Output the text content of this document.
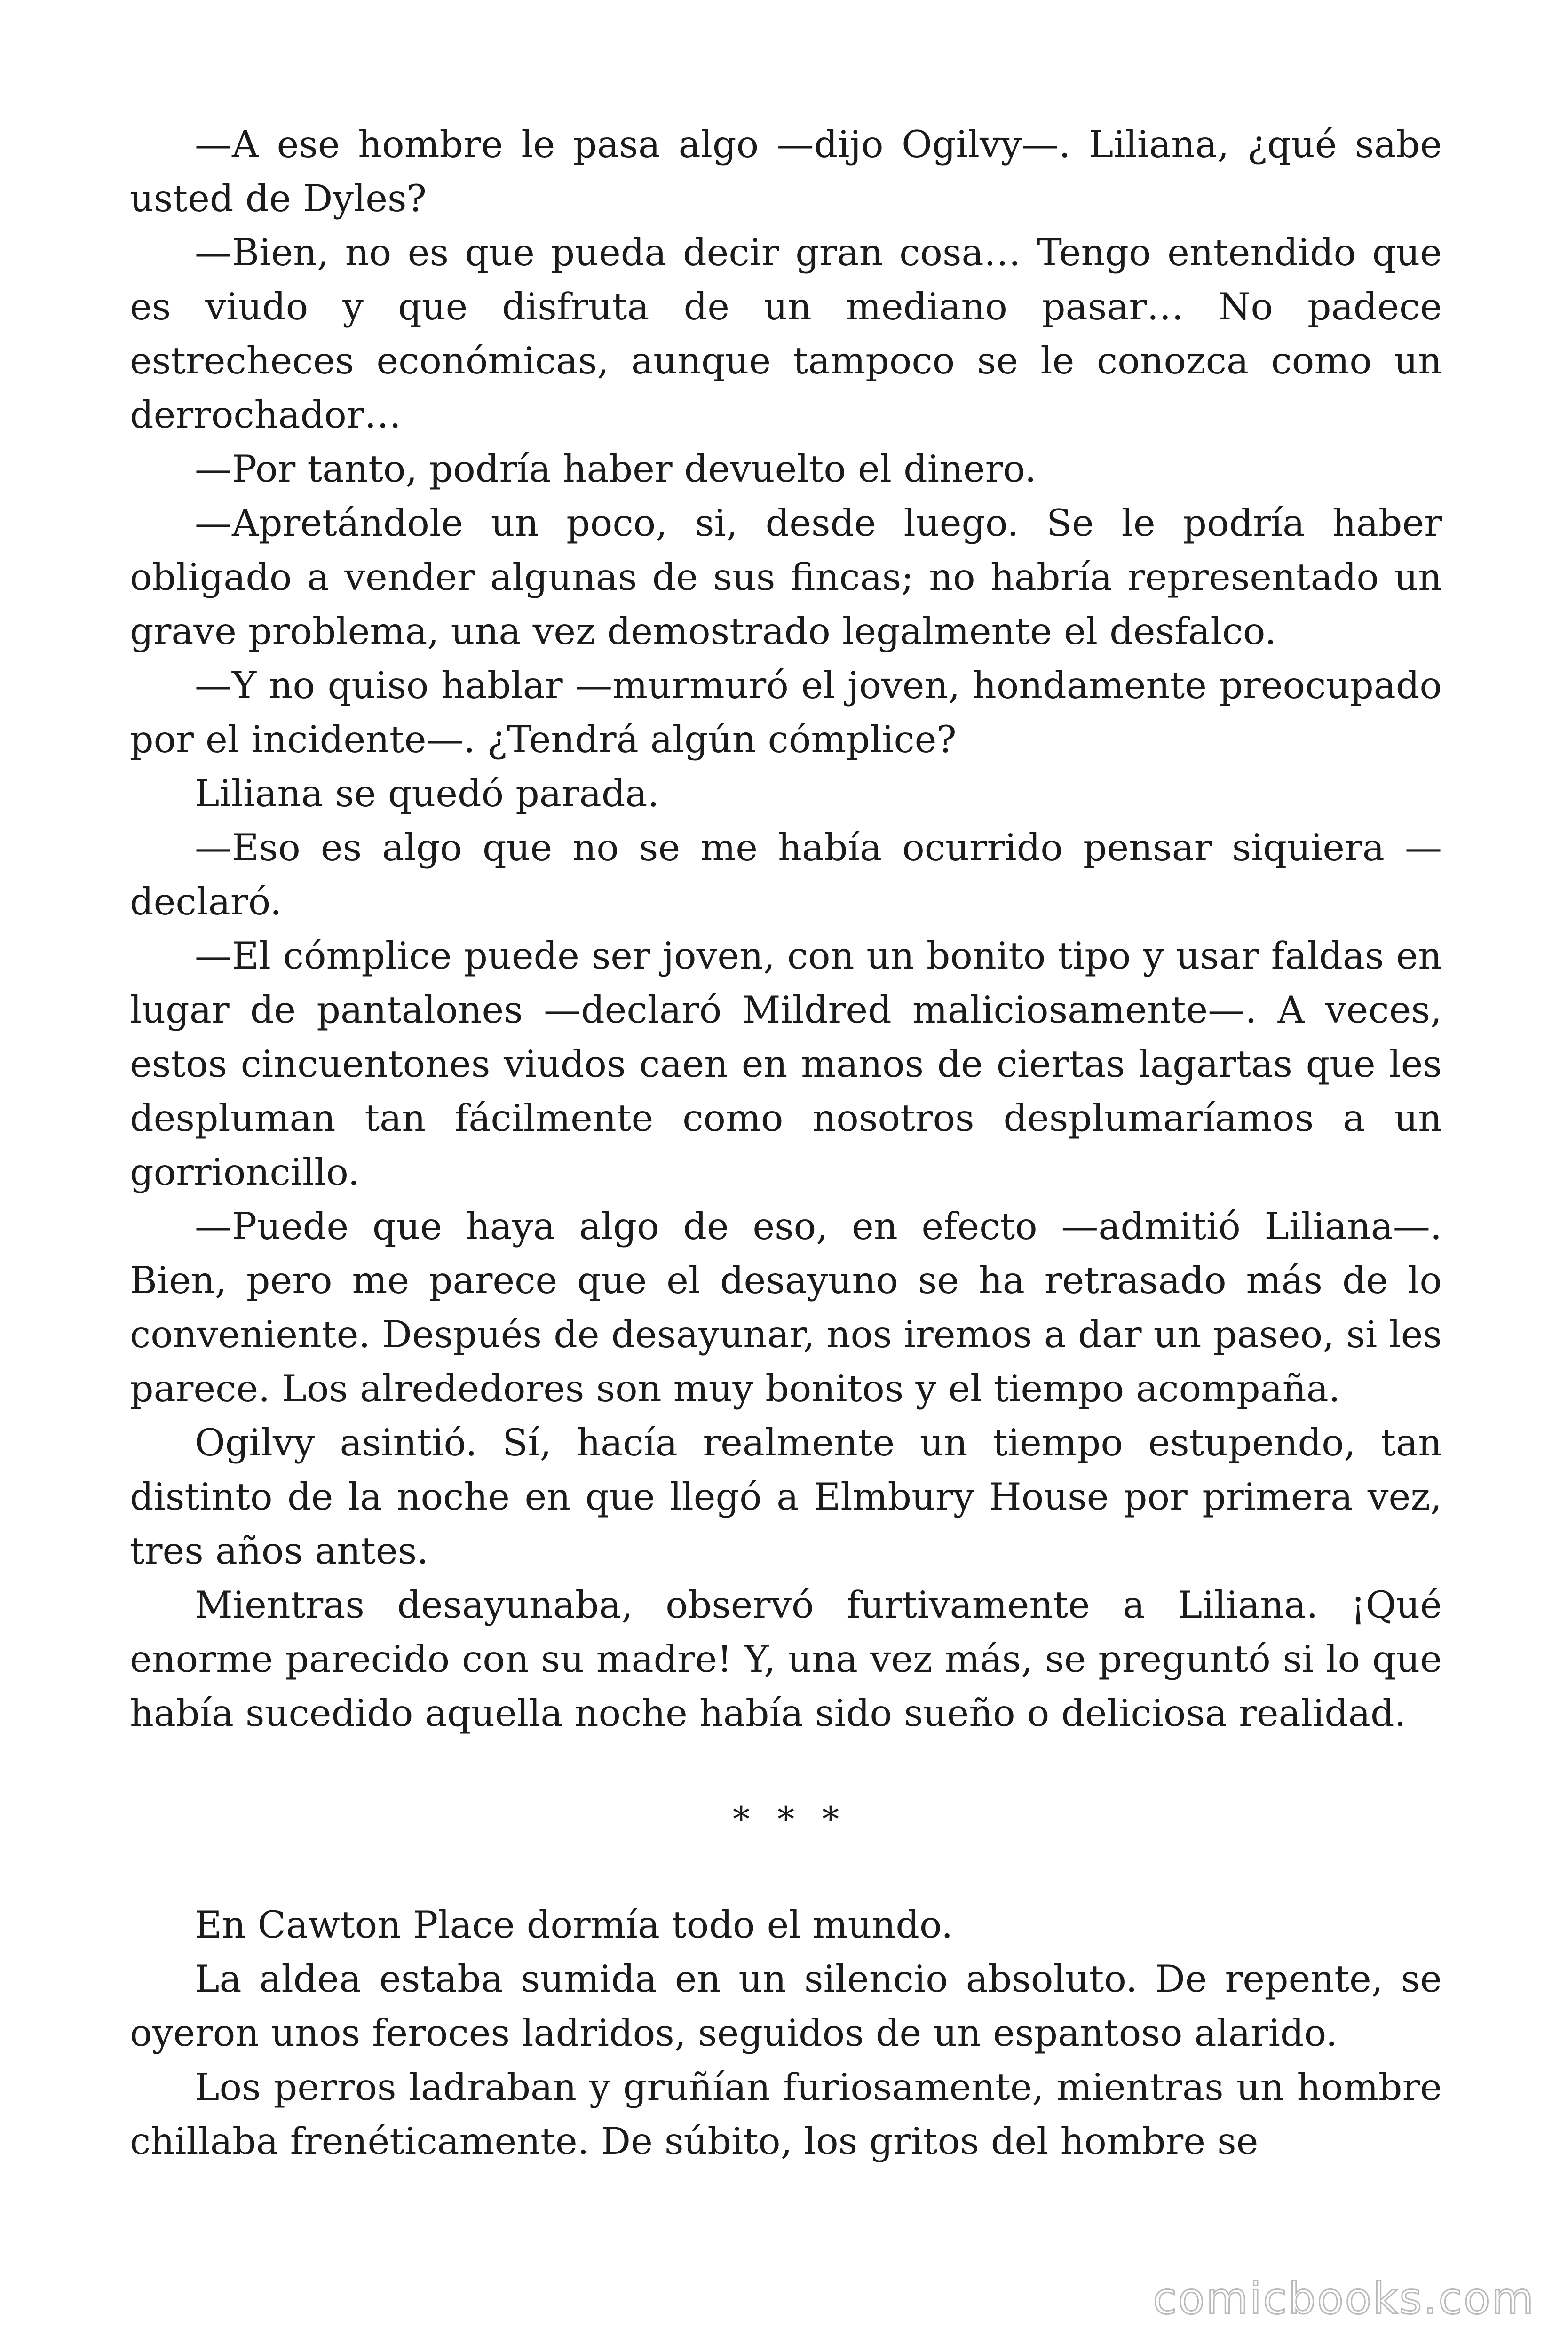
—A ese hombre le pasa algo —dijo Ogilvy—. Liliana, ¿qué sabe usted de Dyles?

—Bien, no es que pueda decir gran cosa… Tengo entendido que es viudo y que disfruta de un mediano pasar… No padece estrecheces económicas, aunque tampoco se le conozca como un derrochador…

—Por tanto, podría haber devuelto el dinero.

—Apretándole un poco, si, desde luego. Se le podría haber obligado a vender algunas de sus fincas; no habría representado un grave problema, una vez demostrado legalmente el desfalco.

—Y no quiso hablar —murmuró el joven, hondamente preocupado por el incidente—. ¿Tendrá algún cómplice?

Liliana se quedó parada.

—Eso es algo que no se me había ocurrido pensar siquiera —declaró.

—El cómplice puede ser joven, con un bonito tipo y usar faldas en lugar de pantalones —declaró Mildred maliciosamente—. A veces, estos cincuentones viudos caen en manos de ciertas lagartas que les despluman tan fácilmente como nosotros desplumaríamos a un gorrioncillo.

—Puede que haya algo de eso, en efecto —admitió Liliana—. Bien, pero me parece que el desayuno se ha retrasado más de lo conveniente. Después de desayunar, nos iremos a dar un paseo, si les parece. Los alrededores son muy bonitos y el tiempo acompaña.

Ogilvy asintió. Sí, hacía realmente un tiempo estupendo, tan distinto de la noche en que llegó a Elmbury House por primera vez, tres años antes.

Mientras desayunaba, observó furtivamente a Liliana. ¡Qué enorme parecido con su madre! Y, una vez más, se preguntó si lo que había sucedido aquella noche había sido sueño o deliciosa realidad.

* * *

En Cawton Place dormía todo el mundo.

La aldea estaba sumida en un silencio absoluto. De repente, se oyeron unos feroces ladridos, seguidos de un espantoso alarido.

Los perros ladraban y gruñían furiosamente, mientras un hombre chillaba frenéticamente. De súbito, los gritos del hombre se

comicbooks.com
